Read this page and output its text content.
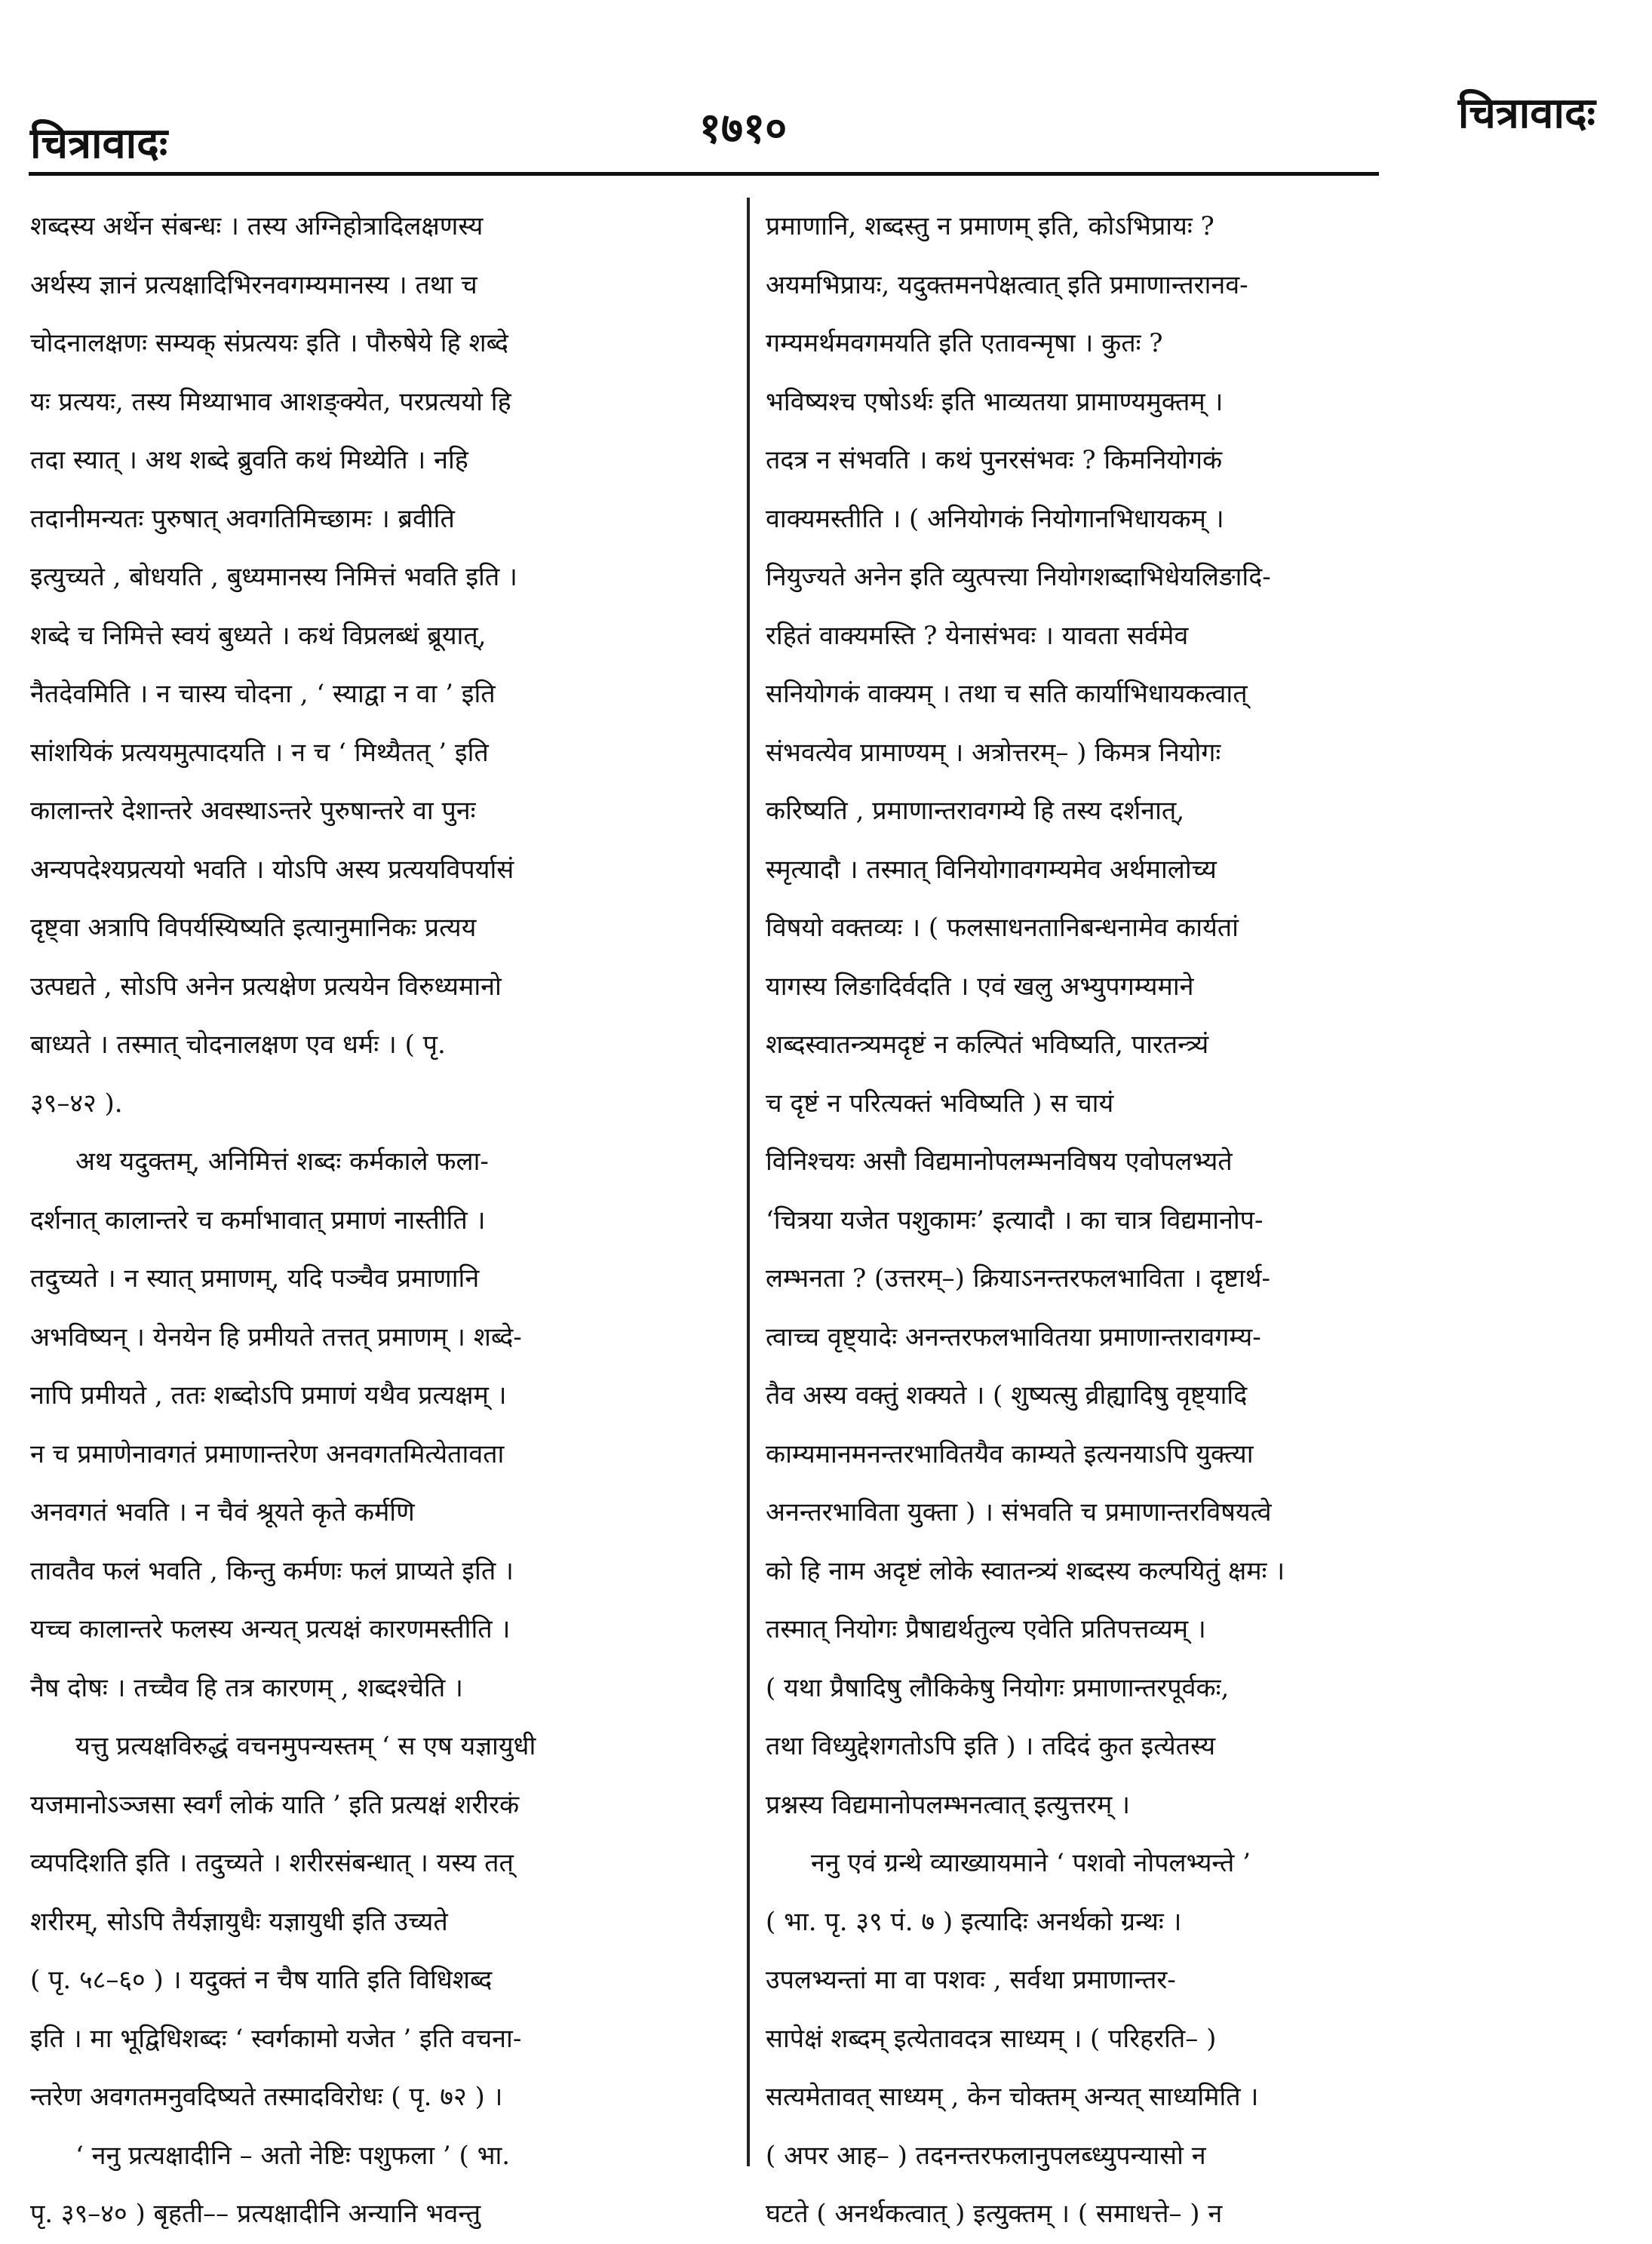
चित्रावादः	१७१०	चित्रावादः
शब्दस्य अर्थेन संबन्धः । तस्य अग्निहोत्रादिलक्षणस्य
अर्थस्य ज्ञानं प्रत्यक्षादिभिरनवगम्यमानस्य । तथा च
चोदनालक्षणः सम्यक् संप्रत्ययः इति । पौरुषेये हि शब्दे
यः प्रत्ययः, तस्य मिथ्याभाव आशङ्क्येत, परप्रत्ययो हि
तदा स्यात् । अथ शब्दे ब्रुवति कथं मिथ्येति । नहि
तदानीमन्यतः पुरुषात् अवगतिमिच्छामः । ब्रवीति
इत्युच्यते , बोधयति , बुध्यमानस्य निमित्तं भवति इति ।
शब्दे च निमित्ते स्वयं बुध्यते । कथं विप्रलब्धं ब्रूयात्,
नैतदेवमिति । न चास्य चोदना , ‘ स्याद्वा न वा ’ इति
सांशयिकं प्रत्ययमुत्पादयति । न च ‘ मिथ्यैतत् ’ इति
कालान्तरे देशान्तरे अवस्थाऽन्तरे पुरुषान्तरे वा पुनः
अन्यपदेश्यप्रत्ययो भवति । योऽपि अस्य प्रत्ययविपर्यासं
दृष्ट्वा अत्रापि विपर्यस्यिष्यति इत्यानुमानिकः प्रत्यय
उत्पद्यते , सोऽपि अनेन प्रत्यक्षेण प्रत्ययेन विरुध्यमानो
बाध्यते । तस्मात् चोदनालक्षण एव धर्मः । ( पृ.
३९–४२ ).
अथ यदुक्तम्, अनिमित्तं शब्दः कर्मकाले फला-
दर्शनात् कालान्तरे च कर्माभावात् प्रमाणं नास्तीति ।
तदुच्यते । न स्यात् प्रमाणम्, यदि पञ्चैव प्रमाणानि
अभविष्यन् । येनयेन हि प्रमीयते तत्तत् प्रमाणम् । शब्दे-
नापि प्रमीयते , ततः शब्दोऽपि प्रमाणं यथैव प्रत्यक्षम् ।
न च प्रमाणेनावगतं प्रमाणान्तरेण अनवगतमित्येतावता
अनवगतं भवति । न चैवं श्रूयते कृते कर्मणि
तावतैव फलं भवति , किन्तु कर्मणः फलं प्राप्यते इति ।
यच्च कालान्तरे फलस्य अन्यत् प्रत्यक्षं कारणमस्तीति ।
नैष दोषः । तच्चैव हि तत्र कारणम् , शब्दश्चेति ।
यत्तु प्रत्यक्षविरुद्धं वचनमुपन्यस्तम् ‘ स एष यज्ञायुधी
यजमानोऽञ्जसा स्वर्गं लोकं याति ’ इति प्रत्यक्षं शरीरकं
व्यपदिशति इति । तदुच्यते । शरीरसंबन्धात् । यस्य तत्
शरीरम्, सोऽपि तैर्यज्ञायुधैः यज्ञायुधी इति उच्यते
( पृ. ५८–६० ) । यदुक्तं न चैष याति इति विधिशब्द
इति । मा भूद्विधिशब्दः ‘ स्वर्गकामो यजेत ’ इति वचना-
न्तरेण अवगतमनुवदिष्यते तस्मादविरोधः ( पृ. ७२ ) ।
‘ ननु प्रत्यक्षादीनि – अतो नेष्टिः पशुफला ’ ( भा.
पृ. ३९–४० ) बृहती–– प्रत्यक्षादीनि अन्यानि भवन्तु
प्रमाणानि, शब्दस्तु न प्रमाणम् इति, कोऽभिप्रायः ?
अयमभिप्रायः, यदुक्तमनपेक्षत्वात् इति प्रमाणान्तरानव-
गम्यमर्थमवगमयति इति एतावन्मृषा । कुतः ?
भविष्यश्च एषोऽर्थः इति भाव्यतया प्रामाण्यमुक्तम् ।
तदत्र न संभवति । कथं पुनरसंभवः ? किमनियोगकं
वाक्यमस्तीति । ( अनियोगकं नियोगानभिधायकम् ।
नियुज्यते अनेन इति व्युत्पत्त्या नियोगशब्दाभिधेयलिङादि-
रहितं वाक्यमस्ति ? येनासंभवः । यावता सर्वमेव
सनियोगकं वाक्यम् । तथा च सति कार्याभिधायकत्वात्
संभवत्येव प्रामाण्यम् । अत्रोत्तरम्– ) किमत्र नियोगः
करिष्यति , प्रमाणान्तरावगम्ये हि तस्य दर्शनात्,
स्मृत्यादौ । तस्मात् विनियोगावगम्यमेव अर्थमालोच्य
विषयो वक्तव्यः । ( फलसाधनतानिबन्धनामेव कार्यतां
यागस्य लिङादिर्वदति । एवं खलु अभ्युपगम्यमाने
शब्दस्वातन्त्र्यमदृष्टं न कल्पितं भविष्यति, पारतन्त्र्यं
च दृष्टं न परित्यक्तं भविष्यति ) स चायं
विनिश्चयः असौ विद्यमानोपलम्भनविषय एवोपलभ्यते
‘चित्रया यजेत पशुकामः’ इत्यादौ । का चात्र विद्यमानोप-
लम्भनता ? (उत्तरम्–) क्रियाऽनन्तरफलभाविता । दृष्टार्थ-
त्वाच्च वृष्ट्यादेः अनन्तरफलभावितया प्रमाणान्तरावगम्य-
तैव अस्य वक्तुं शक्यते । ( शुष्यत्सु व्रीह्यादिषु वृष्ट्यादि
काम्यमानमनन्तरभावितयैव काम्यते इत्यनयाऽपि युक्त्या
अनन्तरभाविता युक्ता ) । संभवति च प्रमाणान्तरविषयत्वे
को हि नाम अदृष्टं लोके स्वातन्त्र्यं शब्दस्य कल्पयितुं क्षमः ।
तस्मात् नियोगः प्रैषाद्यर्थतुल्य एवेति प्रतिपत्तव्यम् ।
( यथा प्रैषादिषु लौकिकेषु नियोगः प्रमाणान्तरपूर्वकः,
तथा विध्युद्देशगतोऽपि इति ) । तदिदं कुत इत्येतस्य
प्रश्नस्य विद्यमानोपलम्भनत्वात् इत्युत्तरम् ।
ननु एवं ग्रन्थे व्याख्यायमाने ‘ पशवो नोपलभ्यन्ते ’
( भा. पृ. ३९ पं. ७ ) इत्यादिः अनर्थको ग्रन्थः ।
उपलभ्यन्तां मा वा पशवः , सर्वथा प्रमाणान्तर-
सापेक्षं शब्दम् इत्येतावदत्र साध्यम् । ( परिहरति– )
सत्यमेतावत् साध्यम् , केन चोक्तम् अन्यत् साध्यमिति ।
( अपर आह– ) तदनन्तरफलानुपलब्ध्युपन्यासो न
घटते ( अनर्थकत्वात् ) इत्युक्तम् । ( समाधत्ते– ) न
